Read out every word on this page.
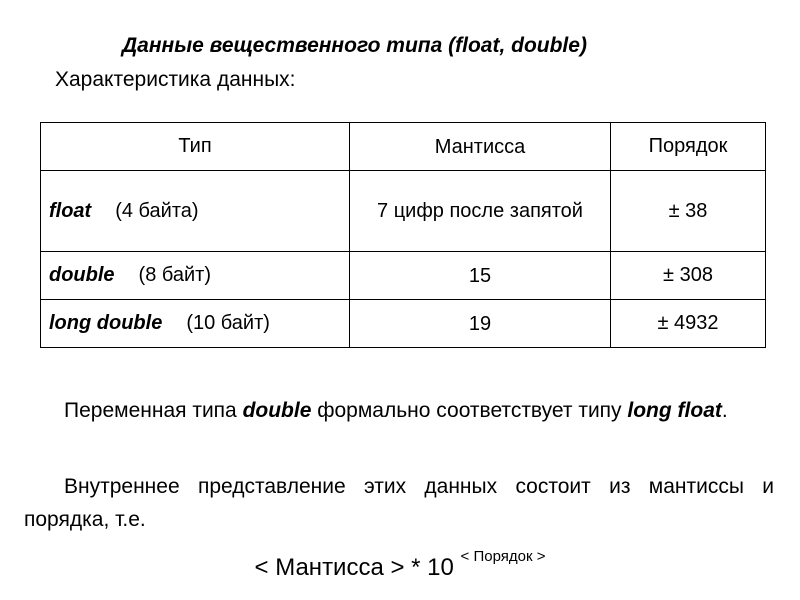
Данные вещественного типа (float, double)
Характеристика данных:
Тип	Мантисса	Порядок
float (4 байта)	7 цифр после запятой	± 38
double (8 байт)	15	± 308
long double (10 байт)	19	± 4932
Переменная типа double формально соответствует типу long float.
Внутреннее представление этих данных состоит из мантиссы и порядка, т.е.
< Мантисса > * 10 $^{< Порядок >}$
